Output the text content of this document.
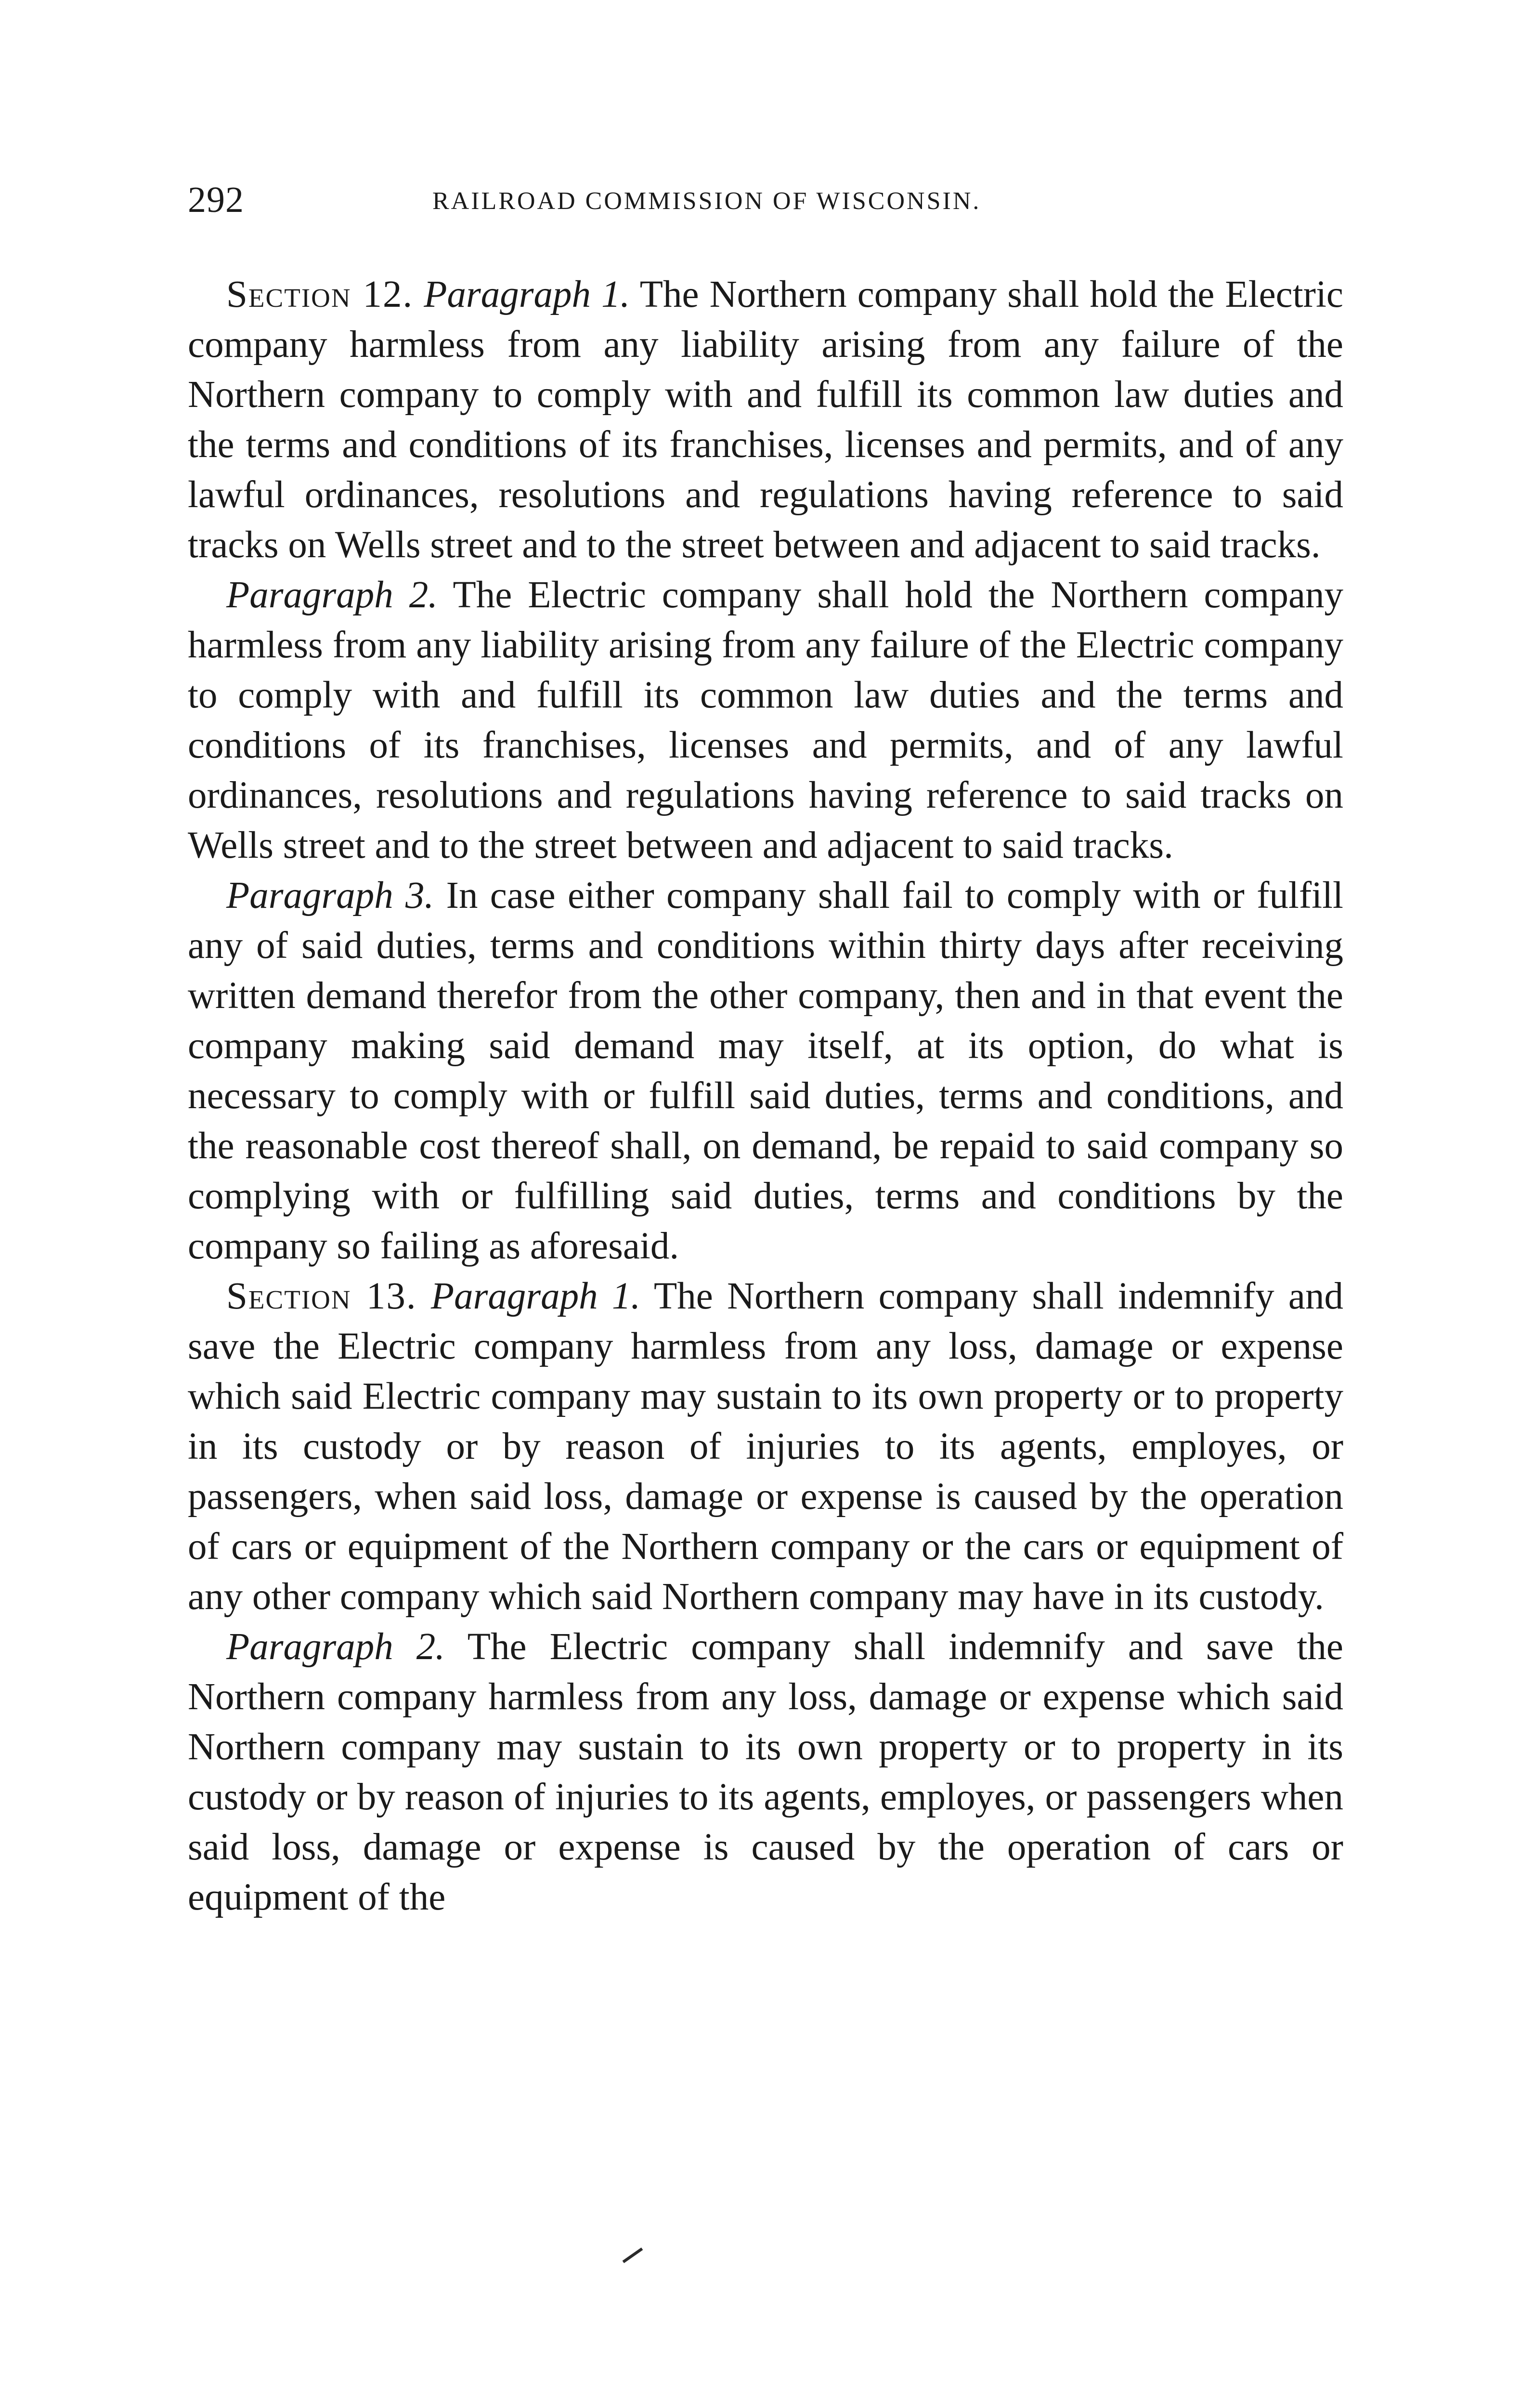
292	RAILROAD COMMISSION OF WISCONSIN.

Section 12. Paragraph 1. The Northern company shall hold the Electric company harmless from any liability arising from any failure of the Northern company to comply with and fulfill its common law duties and the terms and conditions of its franchises, licenses and permits, and of any lawful ordinances, resolutions and regulations having reference to said tracks on Wells street and to the street between and adjacent to said tracks.

Paragraph 2. The Electric company shall hold the Northern company harmless from any liability arising from any failure of the Electric company to comply with and fulfill its common law duties and the terms and conditions of its franchises, licenses and permits, and of any lawful ordinances, resolutions and regulations having reference to said tracks on Wells street and to the street between and adjacent to said tracks.

Paragraph 3. In case either company shall fail to comply with or fulfill any of said duties, terms and conditions within thirty days after receiving written demand therefor from the other company, then and in that event the company making said demand may itself, at its option, do what is necessary to comply with or fulfill said duties, terms and conditions, and the reasonable cost thereof shall, on demand, be repaid to said company so complying with or fulfilling said duties, terms and conditions by the company so failing as aforesaid.

Section 13. Paragraph 1. The Northern company shall indemnify and save the Electric company harmless from any loss, damage or expense which said Electric company may sustain to its own property or to property in its custody or by reason of injuries to its agents, employes, or passengers, when said loss, damage or expense is caused by the operation of cars or equipment of the Northern company or the cars or equipment of any other company which said Northern company may have in its custody.

Paragraph 2. The Electric company shall indemnify and save the Northern company harmless from any loss, damage or expense which said Northern company may sustain to its own property or to property in its custody or by reason of injuries to its agents, employes, or passengers when said loss, damage or expense is caused by the operation of cars or equipment of the
